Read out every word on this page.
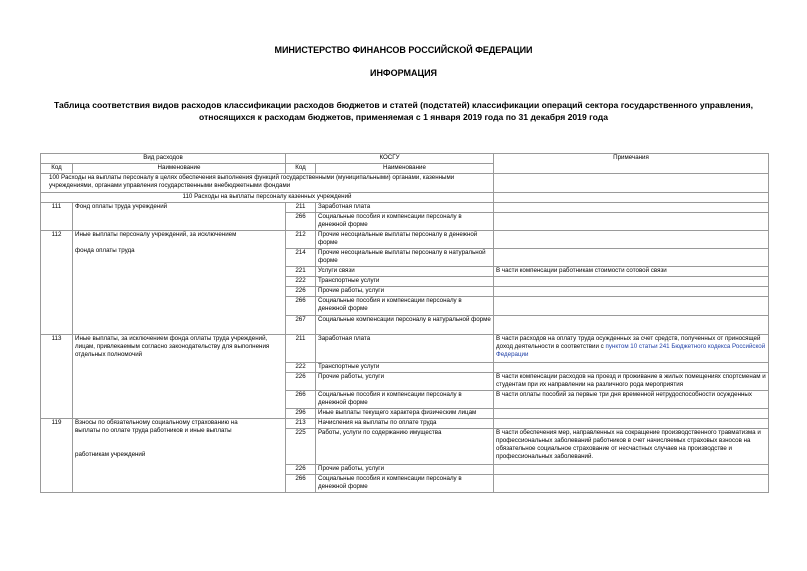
МИНИСТЕРСТВО ФИНАНСОВ РОССИЙСКОЙ ФЕДЕРАЦИИ
ИНФОРМАЦИЯ
Таблица соответствия видов расходов классификации расходов бюджетов и статей (подстатей) классификации операций сектора государственного управления,
относящихся к расходам бюджетов, применяемая с 1 января 2019 года по 31 декабря 2019 года
Вид расходов		КОСГУ		Примечания
Код	Наименование	Код	Наименование	
100 Расходы на выплаты персоналу в целях обеспечения выполнения функций государственными (муниципальными) органами, казенными учреждениями, органами управления государственными внебюджетными фондами				
110 Расходы на выплаты персоналу казенных учреждений				
111	Фонд оплаты труда учреждений	211	Заработная плата	
		266	Социальные пособия и компенсации персоналу в денежной форме	
112	Иные выплаты персоналу учреждений, за исключением
фонда оплаты труда	212	Прочие несоциальные выплаты персоналу в денежной форме	
		214	Прочие несоциальные выплаты персоналу в натуральной форме	
		221	Услуги связи	В части компенсации работникам стоимости сотовой связи
		222	Транспортные услуги	
		226	Прочие работы, услуги	
		266	Социальные пособия и компенсации персоналу в денежной форме	
		267	Социальные компенсации персоналу в натуральной форме	
113	Иные выплаты, за исключением фонда оплаты труда учреждений, лицам, привлекаемым согласно законодательству для выполнения отдельных полномочий	211	Заработная плата	В части расходов на оплату труда осужденных за счет средств, полученных от приносящей доход деятельности в соответствии с пунктом 10 статьи 241 Бюджетного кодекса Российской Федерации
		222	Транспортные услуги	
		226	Прочие работы, услуги	В части компенсации расходов на проезд и проживание в жилых помещениях спортсменам и студентам при их направлении на различного рода мероприятия
		266	Социальные пособия и компенсации персоналу в денежной форме	В части оплаты пособий за первые три дня временной нетрудоспособности осужденных
		296	Иные выплаты текущего характера физическим лицам	
119	Взносы по обязательному социальному страхованию на
выплаты по оплате труда работников и иные выплаты
работникам учреждений	213	Начисления на выплаты по оплате труда	
		225	Работы, услуги по содержанию имущества	В части обеспечения мер, направленных на сокращение производственного травматизма и профессиональных заболеваний работников в счет начисляемых страховых взносов на обязательное социальное страхование от несчастных случаев на производстве и профессиональных заболеваний.
		226	Прочие работы, услуги	
		266	Социальные пособия и компенсации персоналу в денежной форме	
